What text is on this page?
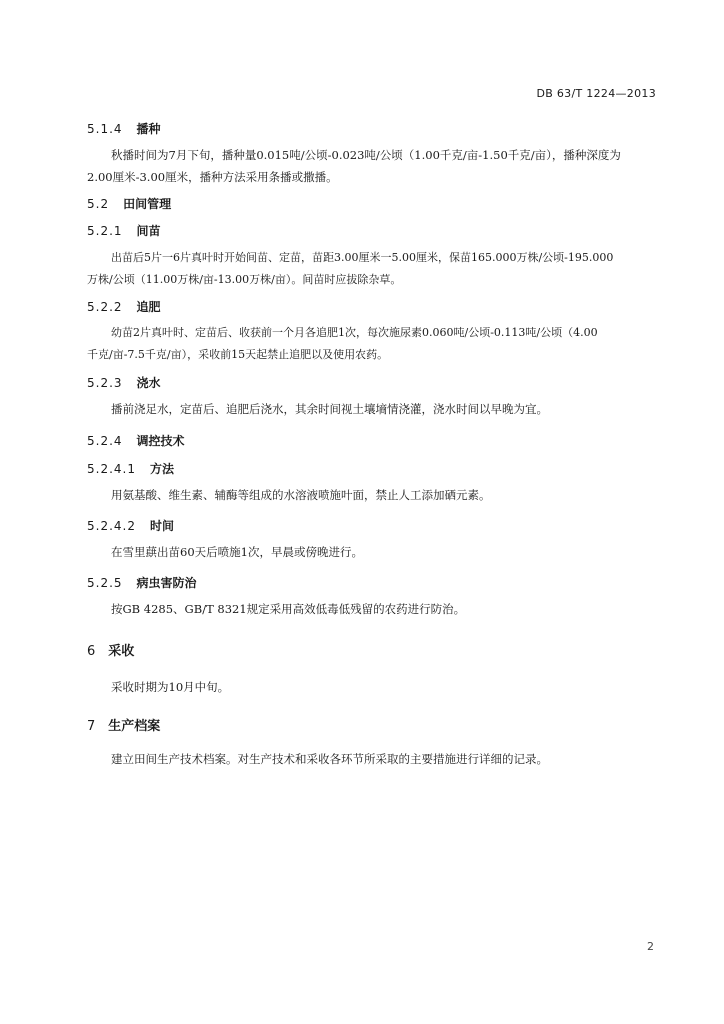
DB 63/T 1224—2013
5.1.4 播种
秋播时间为7月下旬，播种量0.015吨/公顷-0.023吨/公顷（1.00千克/亩-1.50千克/亩），播种深度为
2.00厘米-3.00厘米，播种方法采用条播或撒播。
5.2 田间管理
5.2.1 间苗
出苗后5片一6片真叶时开始间苗、定苗，苗距3.00厘米一5.00厘米，保苗165.000万株/公顷-195.000
万株/公顷（11.00万株/亩-13.00万株/亩）。间苗时应拔除杂草。
5.2.2 追肥
幼苗2片真叶时、定苗后、收获前一个月各追肥1次，每次施尿素0.060吨/公顷-0.113吨/公顷（4.00
千克/亩-7.5千克/亩），采收前15天起禁止追肥以及使用农药。
5.2.3 浇水
播前浇足水，定苗后、追肥后浇水，其余时间视土壤墒情浇灌，浇水时间以早晚为宜。
5.2.4 调控技术
5.2.4.1 方法
用氨基酸、维生素、辅酶等组成的水溶液喷施叶面，禁止人工添加硒元素。
5.2.4.2 时间
在雪里蕻出苗60天后喷施1次，早晨或傍晚进行。
5.2.5 病虫害防治
按GB 4285、GB/T 8321规定采用高效低毒低残留的农药进行防治。
6 采收
采收时期为10月中旬。
7 生产档案
建立田间生产技术档案。对生产技术和采收各环节所采取的主要措施进行详细的记录。
2
